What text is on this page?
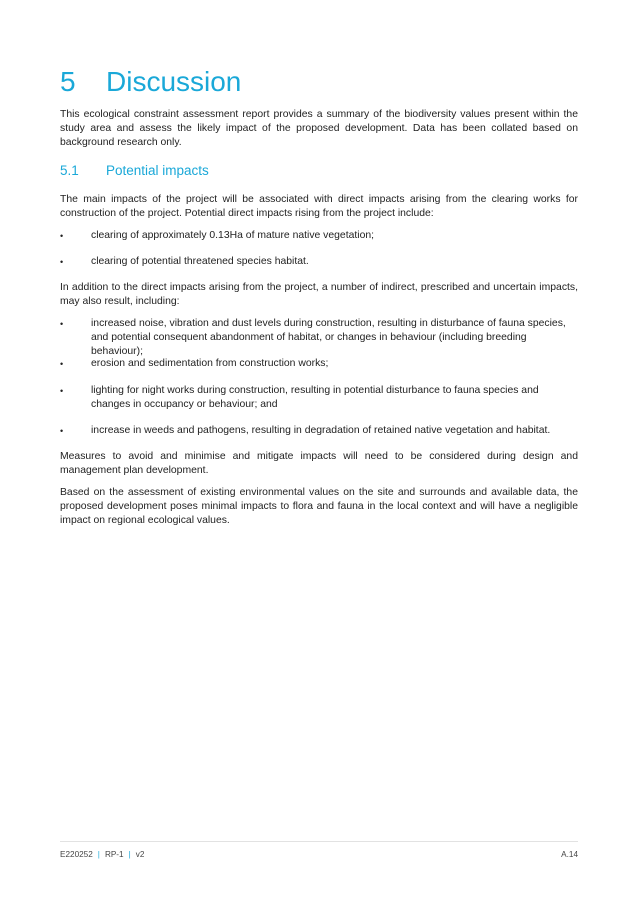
5	Discussion
This ecological constraint assessment report provides a summary of the biodiversity values present within the study area and assess the likely impact of the proposed development. Data has been collated based on background research only.
5.1	Potential impacts
The main impacts of the project will be associated with direct impacts arising from the clearing works for construction of the project. Potential direct impacts rising from the project include:
•	clearing of approximately 0.13Ha of mature native vegetation;
•	clearing of potential threatened species habitat.
In addition to the direct impacts arising from the project, a number of indirect, prescribed and uncertain impacts, may also result, including:
•	increased noise, vibration and dust levels during construction, resulting in disturbance of fauna species, and potential consequent abandonment of habitat, or changes in behaviour (including breeding behaviour);
•	erosion and sedimentation from construction works;
•	lighting for night works during construction, resulting in potential disturbance to fauna species and changes in occupancy or behaviour; and
•	increase in weeds and pathogens, resulting in degradation of retained native vegetation and habitat.
Measures to avoid and minimise and mitigate impacts will need to be considered during design and management plan development.
Based on the assessment of existing environmental values on the site and surrounds and available data, the proposed development poses minimal impacts to flora and fauna in the local context and will have a negligible impact on regional ecological values.
E220252 | RP-1 | v2	A.14
